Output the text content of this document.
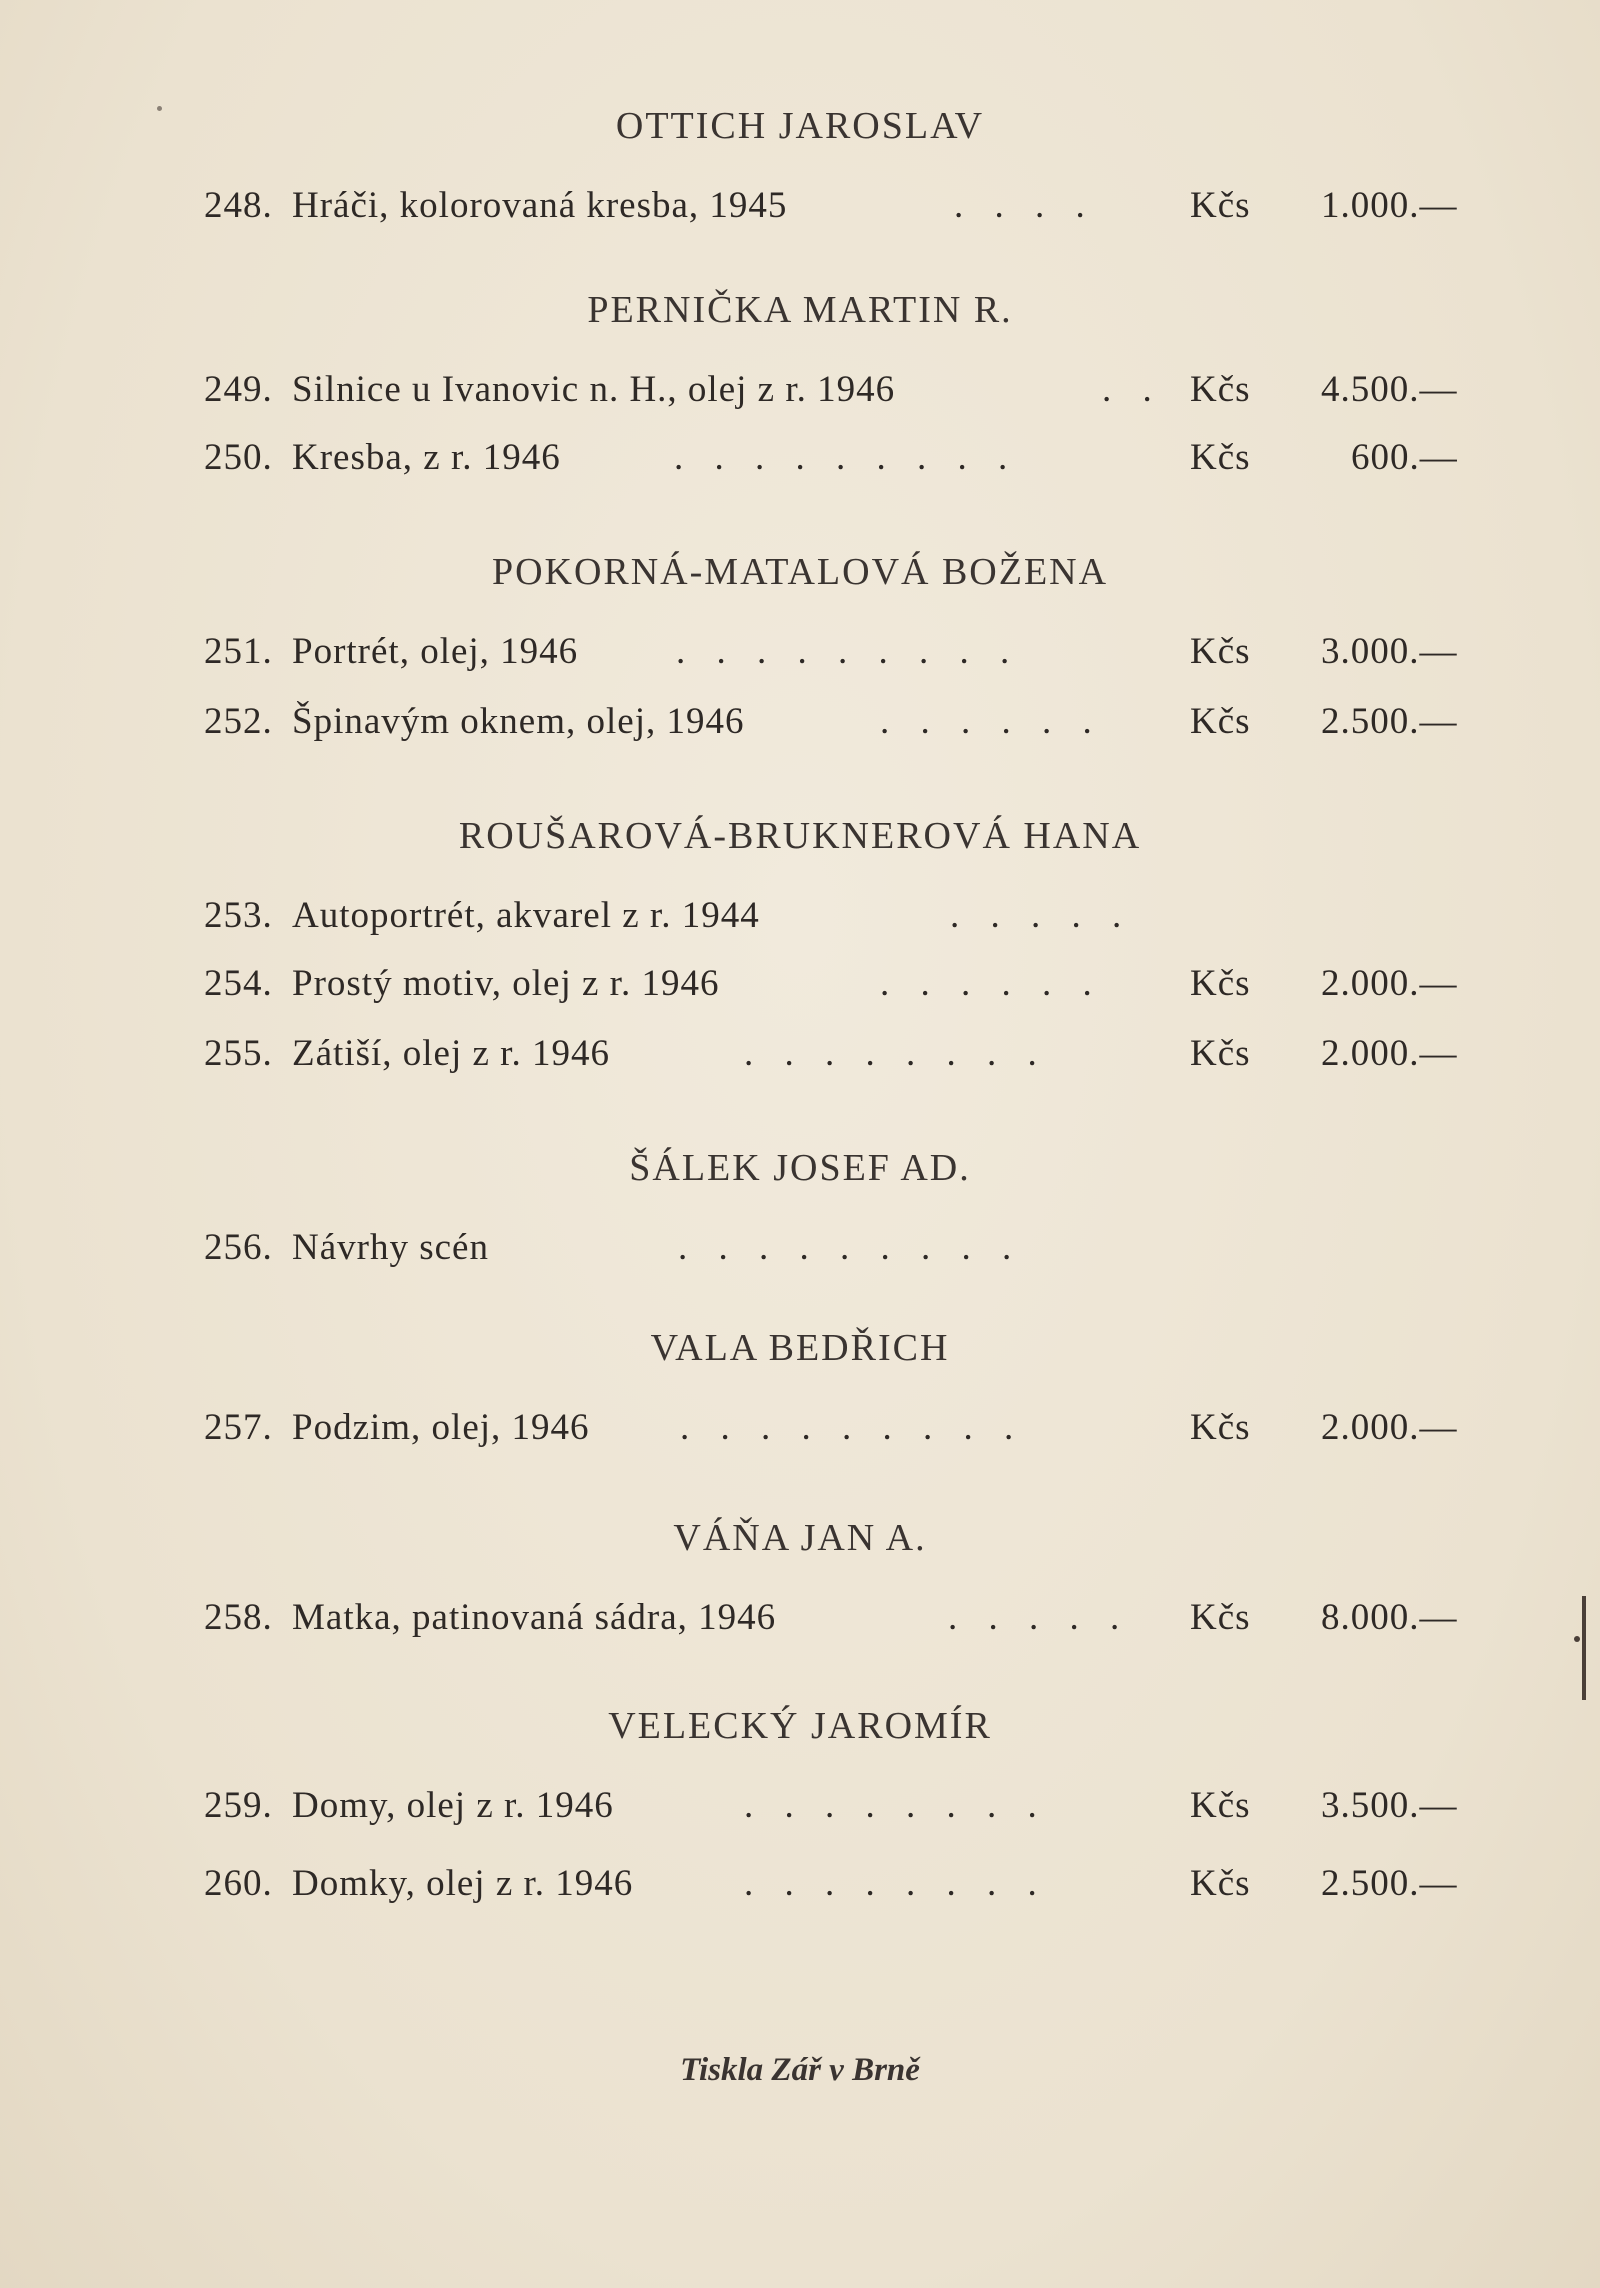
OTTICH JAROSLAV
248. Hráči, kolorovaná kresba, 1945	. . . .	Kčs 1.000.—
PERNIČKA MARTIN R.
249. Silnice u Ivanovic n. H., olej z r. 1946	. . Kčs 4.500.—
250. Kresba, z r. 1946	. . . . . . . . .	Kčs	600.—
POKORNÁ-MATALOVÁ BOŽENA
251. Portrét, olej, 1946	. . . . . . . . .	Kčs 3.000.—
252. Špinavým oknem, olej, 1946	. . . . . . Kčs 2.500.—
ROUŠAROVÁ-BRUKNEROVÁ HANA
253. Autoportrét, akvarel z r. 1944	. . . . .
254. Prostý motiv, olej z r. 1946	. . . . . . Kčs 2.000.—
255. Zátiší, olej z r. 1946	. . . . . . . .	Kčs 2.000.—
ŠÁLEK JOSEF AD.
256. Návrhy scén	. . . . . . . . .
VALA BEDŘICH
257. Podzim, olej, 1946 . . . . . . . . .	Kčs 2.000.—
VÁŇA JAN A.
258. Matka, patinovaná sádra, 1946	. . . . . Kčs 8.000.—
VELECKÝ JAROMÍR
259. Domy, olej z r. 1946	. . . . . . . .	Kčs 3.500.—
260. Domky, olej z r. 1946	. . . . . . . .	Kčs 2.500.—
Tiskla Zář v Brně
